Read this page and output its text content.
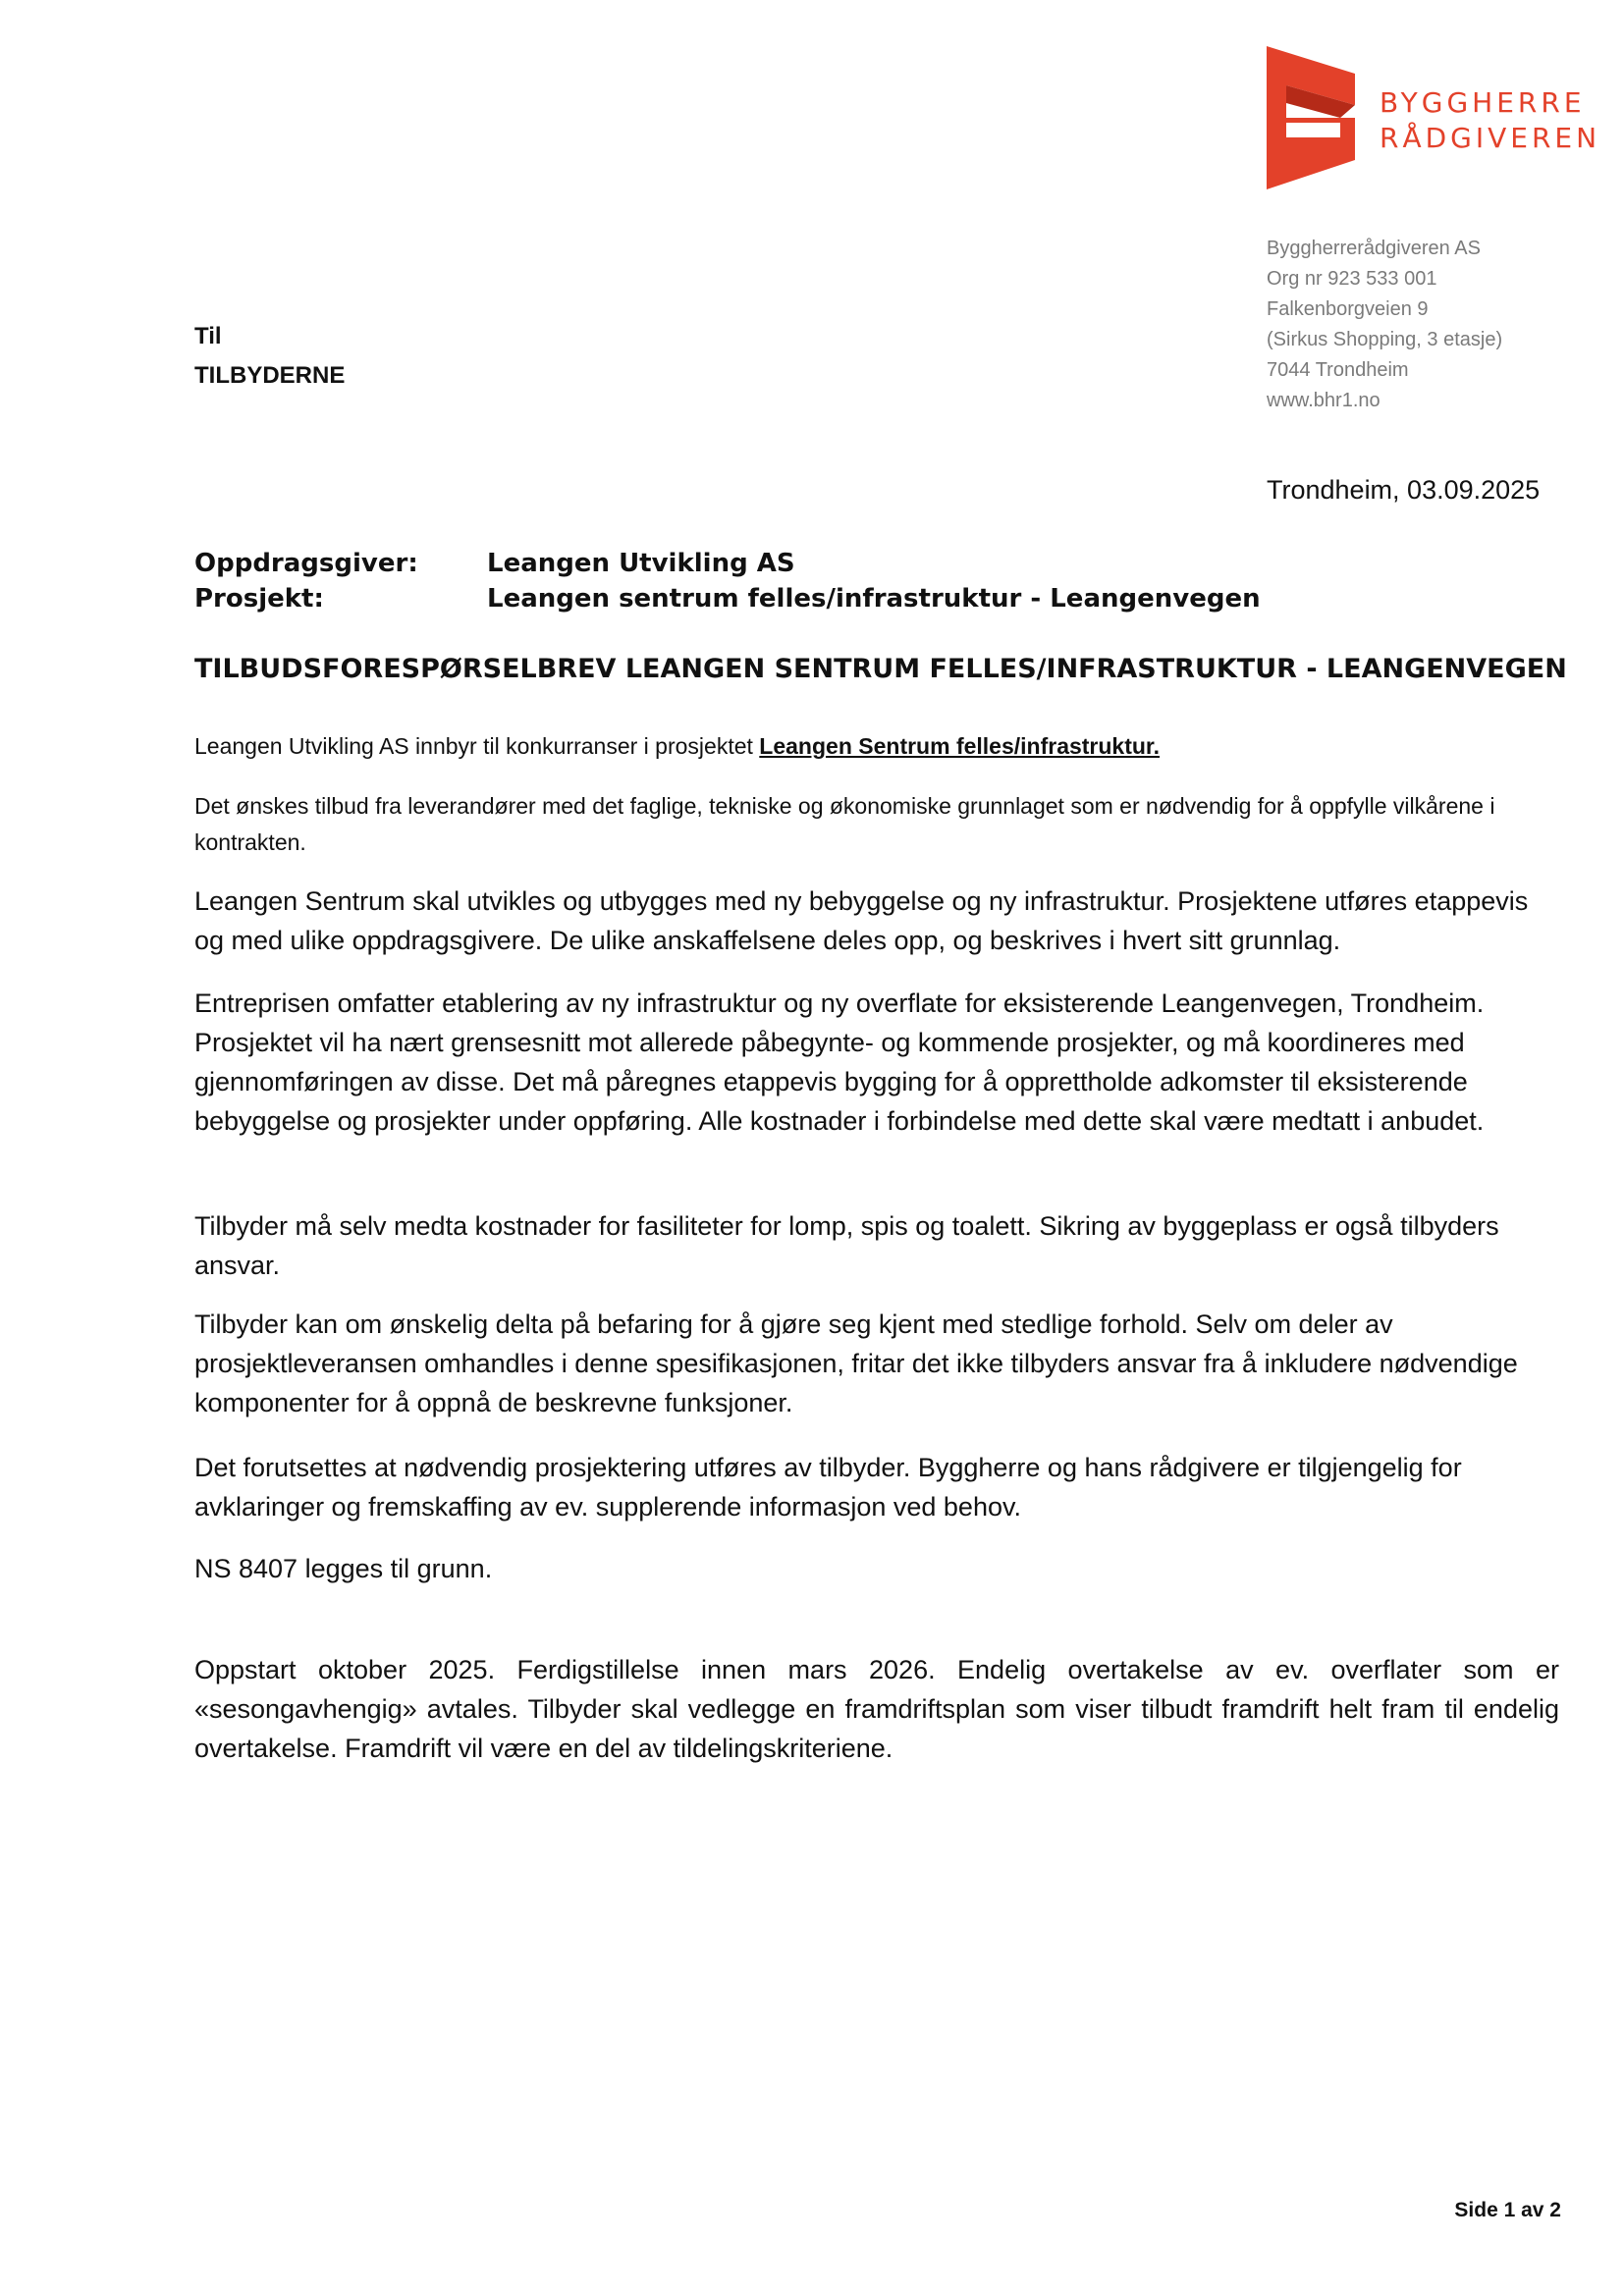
BYGGHERRE
RÅDGIVEREN
Byggherrerådgiveren AS
Org nr 923 533 001
Falkenborgveien 9
(Sirkus Shopping, 3 etasje)
7044 Trondheim
www.bhr1.no
Til
TILBYDERNE
Trondheim, 03.09.2025
Oppdragsgiver:	Leangen Utvikling AS
Prosjekt:	Leangen sentrum felles/infrastruktur - Leangenvegen
TILBUDSFORESPØRSELBREV LEANGEN SENTRUM FELLES/INFRASTRUKTUR - LEANGENVEGEN
Leangen Utvikling AS innbyr til konkurranser i prosjektet Leangen Sentrum felles/infrastruktur.
Det ønskes tilbud fra leverandører med det faglige, tekniske og økonomiske grunnlaget som er nødvendig for å oppfylle vilkårene i kontrakten.
Leangen Sentrum skal utvikles og utbygges med ny bebyggelse og ny infrastruktur. Prosjektene utføres etappevis og med ulike oppdragsgivere. De ulike anskaffelsene deles opp, og beskrives i hvert sitt grunnlag.
Entreprisen omfatter etablering av ny infrastruktur og ny overflate for eksisterende Leangenvegen, Trondheim. Prosjektet vil ha nært grensesnitt mot allerede påbegynte- og kommende prosjekter, og må koordineres med gjennomføringen av disse. Det må påregnes etappevis bygging for å opprettholde adkomster til eksisterende bebyggelse og prosjekter under oppføring. Alle kostnader i forbindelse med dette skal være medtatt i anbudet.
Tilbyder må selv medta kostnader for fasiliteter for lomp, spis og toalett. Sikring av byggeplass er også tilbyders ansvar.
Tilbyder kan om ønskelig delta på befaring for å gjøre seg kjent med stedlige forhold. Selv om deler av prosjektleveransen omhandles i denne spesifikasjonen, fritar det ikke tilbyders ansvar fra å inkludere nødvendige komponenter for å oppnå de beskrevne funksjoner.
Det forutsettes at nødvendig prosjektering utføres av tilbyder. Byggherre og hans rådgivere er tilgjengelig for avklaringer og fremskaffing av ev. supplerende informasjon ved behov.
NS 8407 legges til grunn.
Oppstart oktober 2025. Ferdigstillelse innen mars 2026. Endelig overtakelse av ev. overflater som er «sesongavhengig» avtales. Tilbyder skal vedlegge en framdriftsplan som viser tilbudt framdrift helt fram til endelig overtakelse. Framdrift vil være en del av tildelingskriteriene.
Side 1 av 2
